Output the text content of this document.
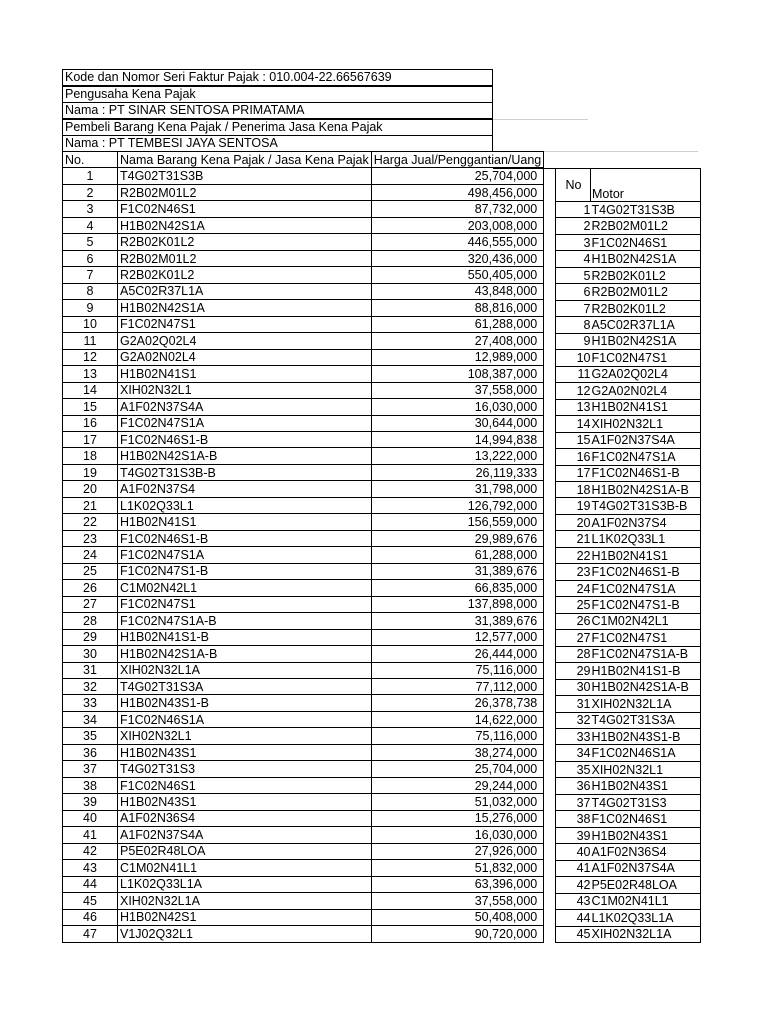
Kode dan Nomor Seri Faktur Pajak : 010.004-22.66567639
Pengusaha Kena Pajak
Nama : PT SINAR SENTOSA PRIMATAMA
Pembeli Barang Kena Pajak / Penerima Jasa Kena Pajak
Nama : PT TEMBESI JAYA SENTOSA
No.	Nama Barang Kena Pajak / Jasa Kena Pajak	Harga Jual/Penggantian/Uang
1	T4G02T31S3B	25,704,000
2	R2B02M01L2	498,456,000
3	F1C02N46S1	87,732,000
4	H1B02N42S1A	203,008,000
5	R2B02K01L2	446,555,000
6	R2B02M01L2	320,436,000
7	R2B02K01L2	550,405,000
8	A5C02R37L1A	43,848,000
9	H1B02N42S1A	88,816,000
10	F1C02N47S1	61,288,000
11	G2A02Q02L4	27,408,000
12	G2A02N02L4	12,989,000
13	H1B02N41S1	108,387,000
14	XIH02N32L1	37,558,000
15	A1F02N37S4A	16,030,000
16	F1C02N47S1A	30,644,000
17	F1C02N46S1-B	14,994,838
18	H1B02N42S1A-B	13,222,000
19	T4G02T31S3B-B	26,119,333
20	A1F02N37S4	31,798,000
21	L1K02Q33L1	126,792,000
22	H1B02N41S1	156,559,000
23	F1C02N46S1-B	29,989,676
24	F1C02N47S1A	61,288,000
25	F1C02N47S1-B	31,389,676
26	C1M02N42L1	66,835,000
27	F1C02N47S1	137,898,000
28	F1C02N47S1A-B	31,389,676
29	H1B02N41S1-B	12,577,000
30	H1B02N42S1A-B	26,444,000
31	XIH02N32L1A	75,116,000
32	T4G02T31S3A	77,112,000
33	H1B02N43S1-B	26,378,738
34	F1C02N46S1A	14,622,000
35	XIH02N32L1	75,116,000
36	H1B02N43S1	38,274,000
37	T4G02T31S3	25,704,000
38	F1C02N46S1	29,244,000
39	H1B02N43S1	51,032,000
40	A1F02N36S4	15,276,000
41	A1F02N37S4A	16,030,000
42	P5E02R48LOA	27,926,000
43	C1M02N41L1	51,832,000
44	L1K02Q33L1A	63,396,000
45	XIH02N32L1A	37,558,000
46	H1B02N42S1	50,408,000
47	V1J02Q32L1	90,720,000
No	Motor
1	T4G02T31S3B
2	R2B02M01L2
3	F1C02N46S1
4	H1B02N42S1A
5	R2B02K01L2
6	R2B02M01L2
7	R2B02K01L2
8	A5C02R37L1A
9	H1B02N42S1A
10	F1C02N47S1
11	G2A02Q02L4
12	G2A02N02L4
13	H1B02N41S1
14	XIH02N32L1
15	A1F02N37S4A
16	F1C02N47S1A
17	F1C02N46S1-B
18	H1B02N42S1A-B
19	T4G02T31S3B-B
20	A1F02N37S4
21	L1K02Q33L1
22	H1B02N41S1
23	F1C02N46S1-B
24	F1C02N47S1A
25	F1C02N47S1-B
26	C1M02N42L1
27	F1C02N47S1
28	F1C02N47S1A-B
29	H1B02N41S1-B
30	H1B02N42S1A-B
31	XIH02N32L1A
32	T4G02T31S3A
33	H1B02N43S1-B
34	F1C02N46S1A
35	XIH02N32L1
36	H1B02N43S1
37	T4G02T31S3
38	F1C02N46S1
39	H1B02N43S1
40	A1F02N36S4
41	A1F02N37S4A
42	P5E02R48LOA
43	C1M02N41L1
44	L1K02Q33L1A
45	XIH02N32L1A
